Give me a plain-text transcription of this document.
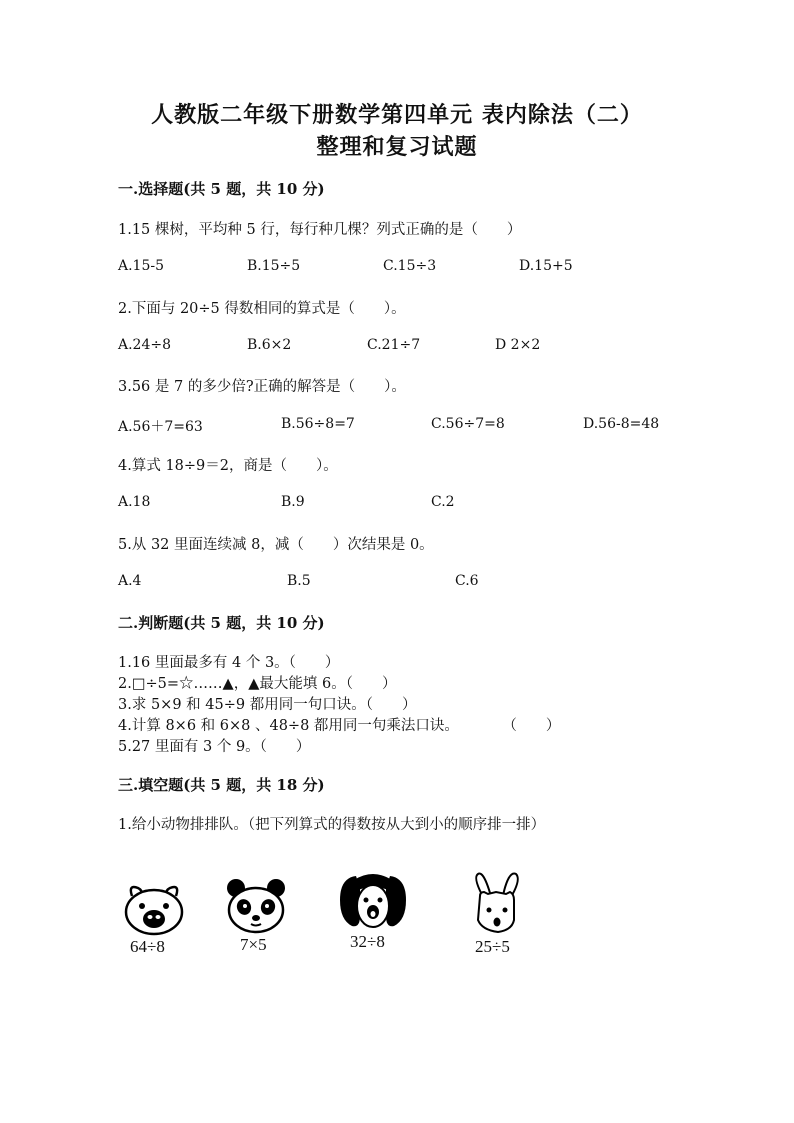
人教版二年级下册数学第四单元 表内除法（二）
整理和复习试题
一.选择题(共 5 题，共 10 分)
1.15 棵树，平均种 5 行，每行种几棵？列式正确的是（　　）
A.15-5	B.15÷5	C.15÷3	D.15+5
2.下面与 20÷5 得数相同的算式是（　　）。
A.24÷8	B.6×2	C.21÷7	D 2×2
3.56 是 7 的多少倍?正确的解答是（　　）。
A.56＋7=63	B.56÷8=7	C.56÷7=8	D.56-8=48
4.算式 18÷9＝2，商是（　　）。
A.18	B.9	C.2
5.从 32 里面连续减 8，减（　　）次结果是 0。
A.4	B.5	C.6
二.判断题(共 5 题，共 10 分)
1.16 里面最多有 4 个 3。（　　）
2.□÷5=☆……▲，▲最大能填 6。（　　）
3.求 5×9 和 45÷9 都用同一句口诀。（　　）
4.计算 8×6 和 6×8 、48÷8 都用同一句乘法口诀。　　　　（　　）
5.27 里面有 3 个 9。（　　）
三.填空题(共 5 题，共 18 分)
1.给小动物排排队。（把下列算式的得数按从大到小的顺序排一排）
64÷8	7×5	32÷8	25÷5
